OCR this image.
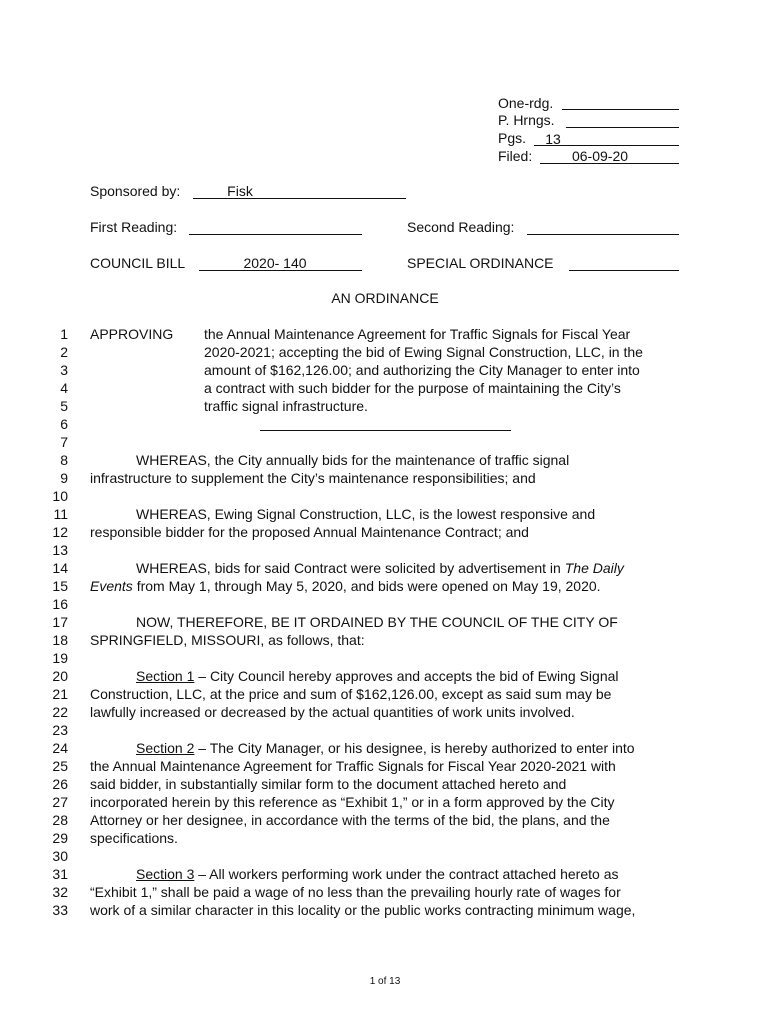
One-rdg.
P. Hrngs.
Pgs.	13
Filed:	06-09-20
Sponsored by:	Fisk
First Reading:	Second Reading:
COUNCIL BILL	2020- 140	SPECIAL ORDINANCE
AN ORDINANCE
1
2
3
4
5
6
7
8
9
10
11
12
13
14
15
16
17
18
19
20
21
22
23
24
25
26
27
28
29
30
31
32
33
APPROVING the Annual Maintenance Agreement for Traffic Signals for Fiscal Year
2020-2021; accepting the bid of Ewing Signal Construction, LLC, in the
amount of $162,126.00; and authorizing the City Manager to enter into
a contract with such bidder for the purpose of maintaining the City’s
traffic signal infrastructure.
WHEREAS, the City annually bids for the maintenance of traffic signal
infrastructure to supplement the City’s maintenance responsibilities; and
WHEREAS, Ewing Signal Construction, LLC, is the lowest responsive and
responsible bidder for the proposed Annual Maintenance Contract; and
WHEREAS, bids for said Contract were solicited by advertisement in The Daily
Events from May 1, through May 5, 2020, and bids were opened on May 19, 2020.
NOW, THEREFORE, BE IT ORDAINED BY THE COUNCIL OF THE CITY OF
SPRINGFIELD, MISSOURI, as follows, that:
Section 1 – City Council hereby approves and accepts the bid of Ewing Signal
Construction, LLC, at the price and sum of $162,126.00, except as said sum may be
lawfully increased or decreased by the actual quantities of work units involved.
Section 2 – The City Manager, or his designee, is hereby authorized to enter into
the Annual Maintenance Agreement for Traffic Signals for Fiscal Year 2020-2021 with
said bidder, in substantially similar form to the document attached hereto and
incorporated herein by this reference as “Exhibit 1,” or in a form approved by the City
Attorney or her designee, in accordance with the terms of the bid, the plans, and the
specifications.
Section 3 – All workers performing work under the contract attached hereto as
“Exhibit 1,” shall be paid a wage of no less than the prevailing hourly rate of wages for
work of a similar character in this locality or the public works contracting minimum wage,
1 of 13
